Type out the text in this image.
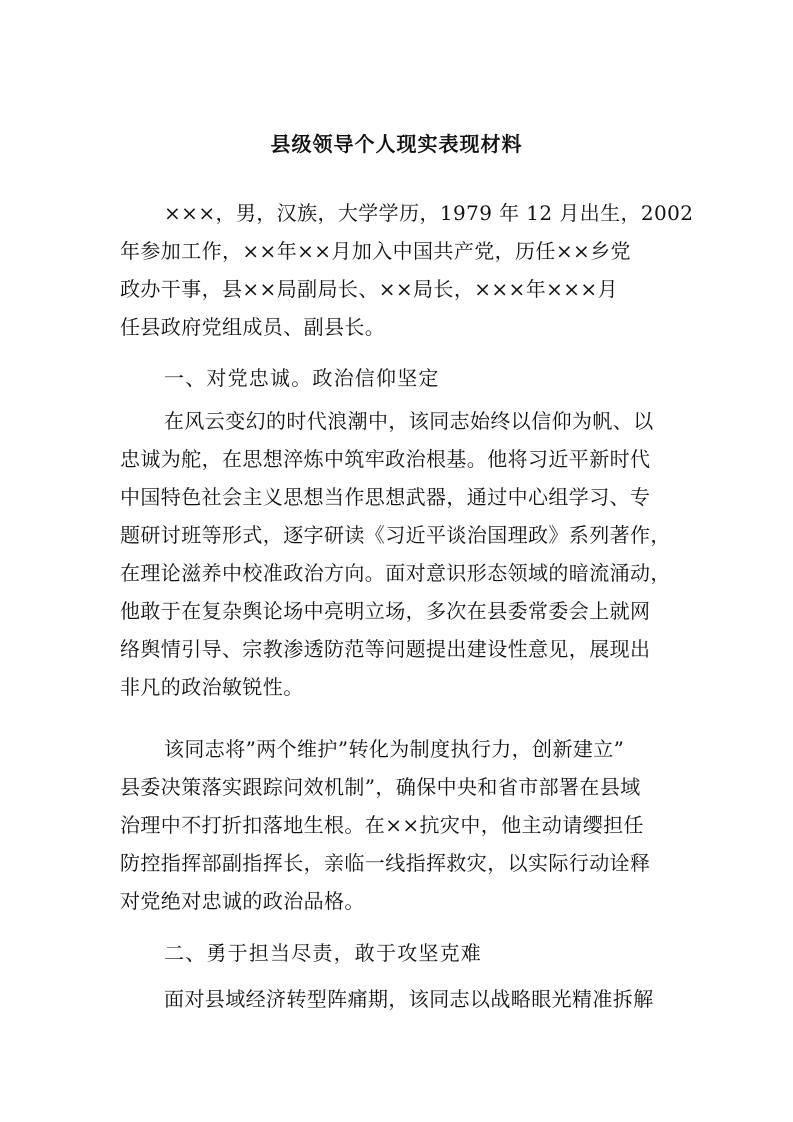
县级领导个人现实表现材料
×××，男，汉族，大学学历，1979 年 12 月出生，2002
年参加工作，××年××月加入中国共产党，历任××乡党
政办干事，县××局副局长、××局长，×××年×××月
任县政府党组成员、副县长。
一、对党忠诚。政治信仰坚定
在风云变幻的时代浪潮中，该同志始终以信仰为帆、以
忠诚为舵，在思想淬炼中筑牢政治根基。他将习近平新时代
中国特色社会主义思想当作思想武器，通过中心组学习、专
题研讨班等形式，逐字研读《习近平谈治国理政》系列著作，
在理论滋养中校准政治方向。面对意识形态领域的暗流涌动，
他敢于在复杂舆论场中亮明立场，多次在县委常委会上就网
络舆情引导、宗教渗透防范等问题提出建设性意见，展现出
非凡的政治敏锐性。
该同志将”两个维护”转化为制度执行力，创新建立”
县委决策落实跟踪问效机制”，确保中央和省市部署在县域
治理中不打折扣落地生根。在××抗灾中，他主动请缨担任
防控指挥部副指挥长，亲临一线指挥救灾，以实际行动诠释
对党绝对忠诚的政治品格。
二、勇于担当尽责，敢于攻坚克难
面对县域经济转型阵痛期，该同志以战略眼光精准拆解
